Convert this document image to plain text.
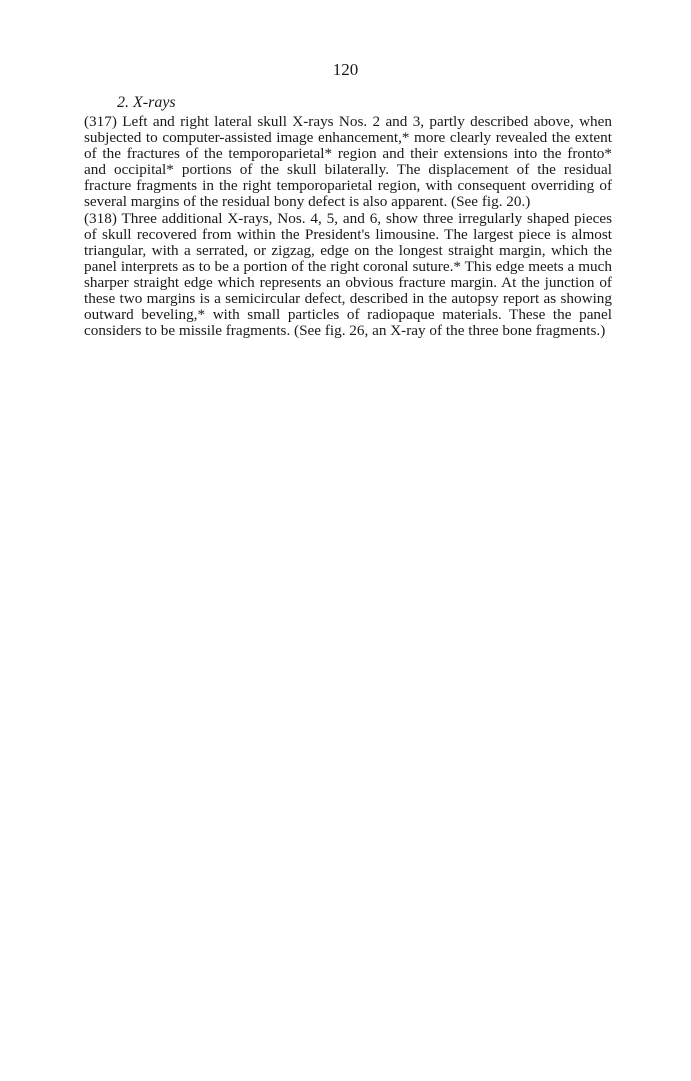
120
2. X-rays

(317) Left and right lateral skull X-rays Nos. 2 and 3, partly described above, when subjected to computer-assisted image enhancement,* more clearly revealed the extent of the fractures of the temporoparietal* region and their extensions into the fronto* and occipital* portions of the skull bilaterally. The displacement of the residual fracture fragments in the right temporoparietal region, with consequent overriding of several margins of the residual bony defect is also apparent. (See fig. 20.)

(318) Three additional X-rays, Nos. 4, 5, and 6, show three irregularly shaped pieces of skull recovered from within the President's limousine. The largest piece is almost triangular, with a serrated, or zigzag, edge on the longest straight margin, which the panel interprets as to be a portion of the right coronal suture.* This edge meets a much sharper straight edge which represents an obvious fracture margin. At the junction of these two margins is a semicircular defect, described in the autopsy report as showing outward beveling,* with small particles of radiopaque materials. These the panel considers to be missile fragments. (See fig. 26, an X-ray of the three bone fragments.)
